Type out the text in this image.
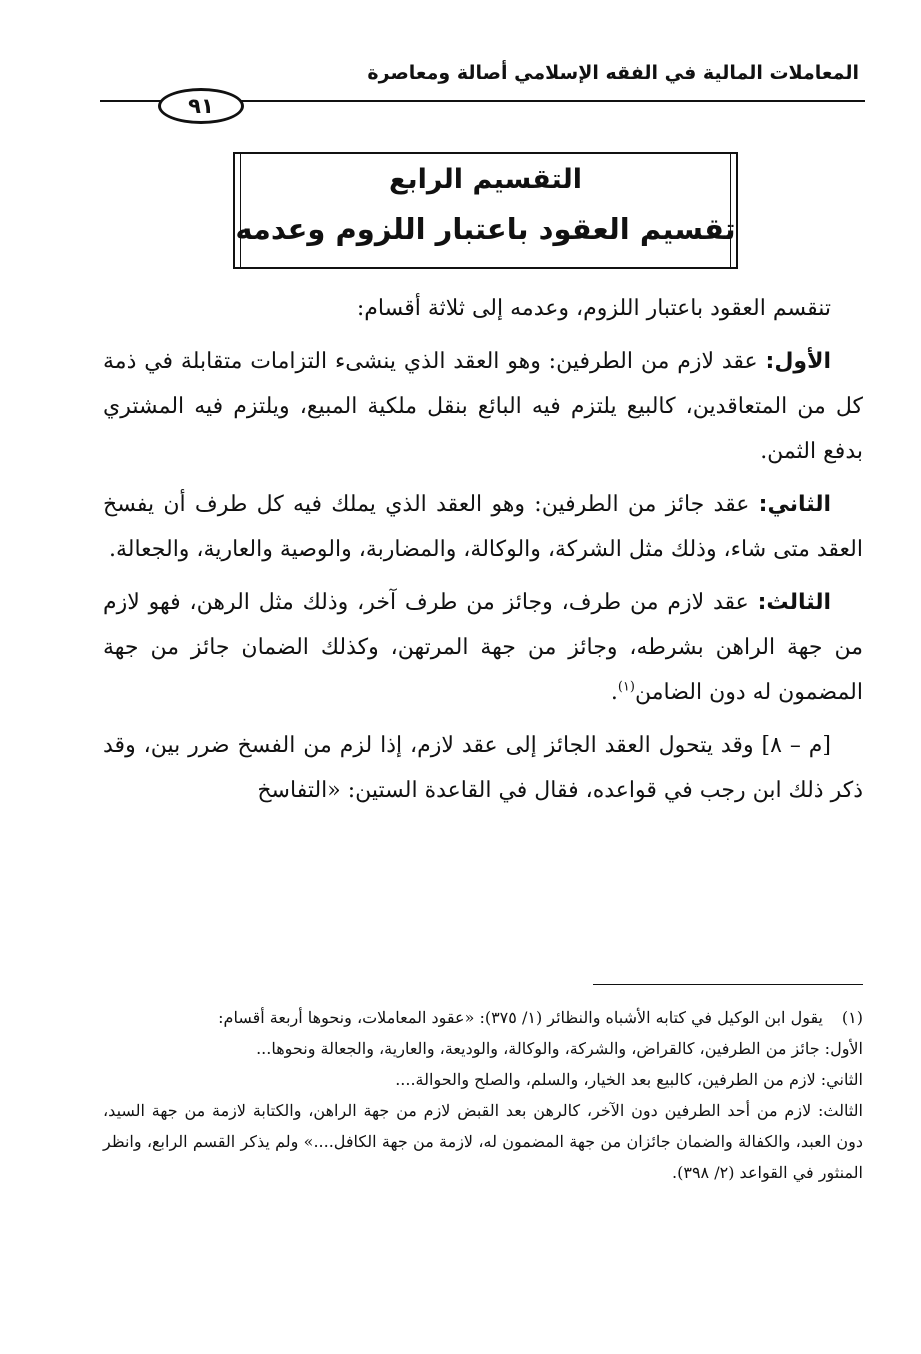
المعاملات المالية في الفقه الإسلامي أصالة ومعاصرة
٩١
التقسيم الرابع
تقسيم العقود باعتبار اللزوم وعدمه

تنقسم العقود باعتبار اللزوم، وعدمه إلى ثلاثة أقسام:

الأول: عقد لازم من الطرفين: وهو العقد الذي ينشىء التزامات متقابلة في ذمة كل من المتعاقدين، كالبيع يلتزم فيه البائع بنقل ملكية المبيع، ويلتزم فيه المشتري بدفع الثمن.

الثاني: عقد جائز من الطرفين: وهو العقد الذي يملك فيه كل طرف أن يفسخ العقد متى شاء، وذلك مثل الشركة، والوكالة، والمضاربة، والوصية والعارية، والجعالة.

الثالث: عقد لازم من طرف، وجائز من طرف آخر، وذلك مثل الرهن، فهو لازم من جهة الراهن بشرطه، وجائز من جهة المرتهن، وكذلك الضمان جائز من جهة المضمون له دون الضامن$^{(١)}$.

[م – ٨] وقد يتحول العقد الجائز إلى عقد لازم، إذا لزم من الفسخ ضرر بين، وقد ذكر ذلك ابن رجب في قواعده، فقال في القاعدة الستين: «التفاسخ

(١)يقول ابن الوكيل في كتابه الأشباه والنظائر (١/ ٣٧٥): «عقود المعاملات، ونحوها أربعة أقسام:

الأول: جائز من الطرفين، كالقراض، والشركة، والوكالة، والوديعة، والعارية، والجعالة ونحوها...

الثاني: لازم من الطرفين، كالبيع بعد الخيار، والسلم، والصلح والحوالة....

الثالث: لازم من أحد الطرفين دون الآخر، كالرهن بعد القبض لازم من جهة الراهن، والكتابة لازمة من جهة السيد، دون العبد، والكفالة والضمان جائزان من جهة المضمون له، لازمة من جهة الكافل....» ولم يذكر القسم الرابع، وانظر المنثور في القواعد (٢/ ٣٩٨).
